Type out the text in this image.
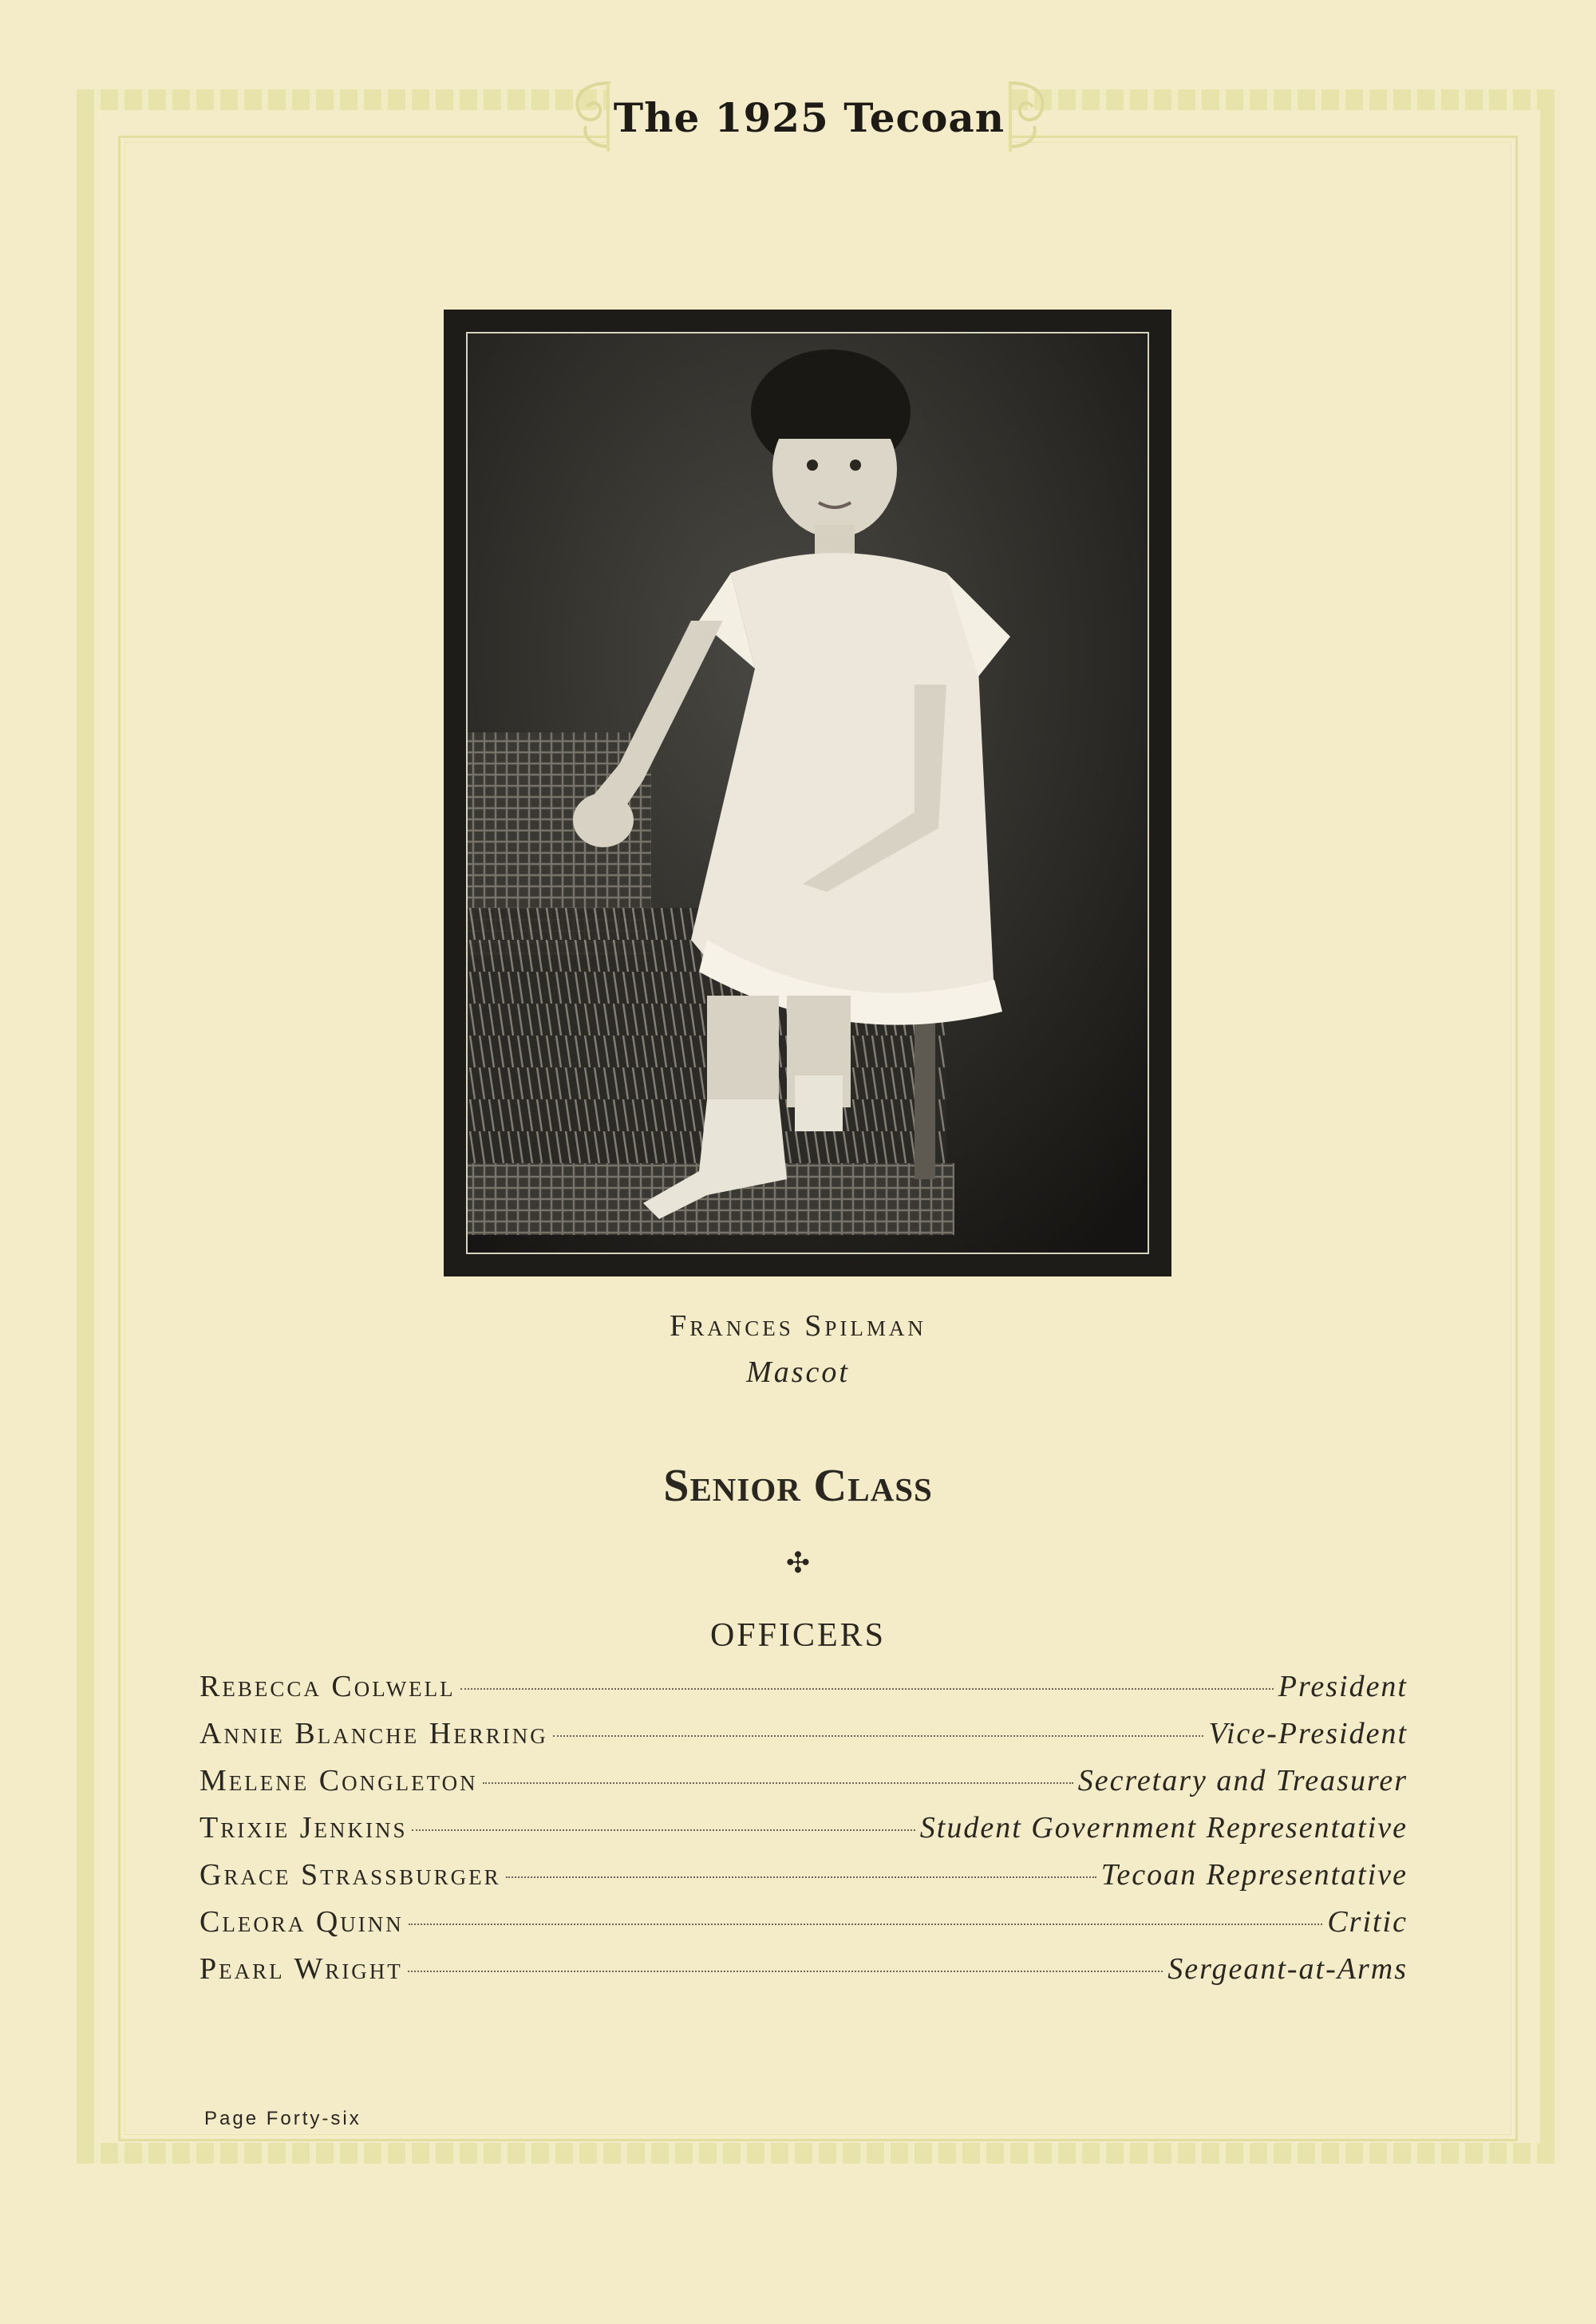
The 1925 Tecoan
Frances Spilman
Mascot
Senior Class
✣
OFFICERS
Rebecca Colwell	President
Annie Blanche Herring	Vice-President
Melene Congleton	Secretary and Treasurer
Trixie Jenkins	Student Government Representative
Grace Strassburger	Tecoan Representative
Cleora Quinn	Critic
Pearl Wright	Sergeant-at-Arms
Page Forty-six
